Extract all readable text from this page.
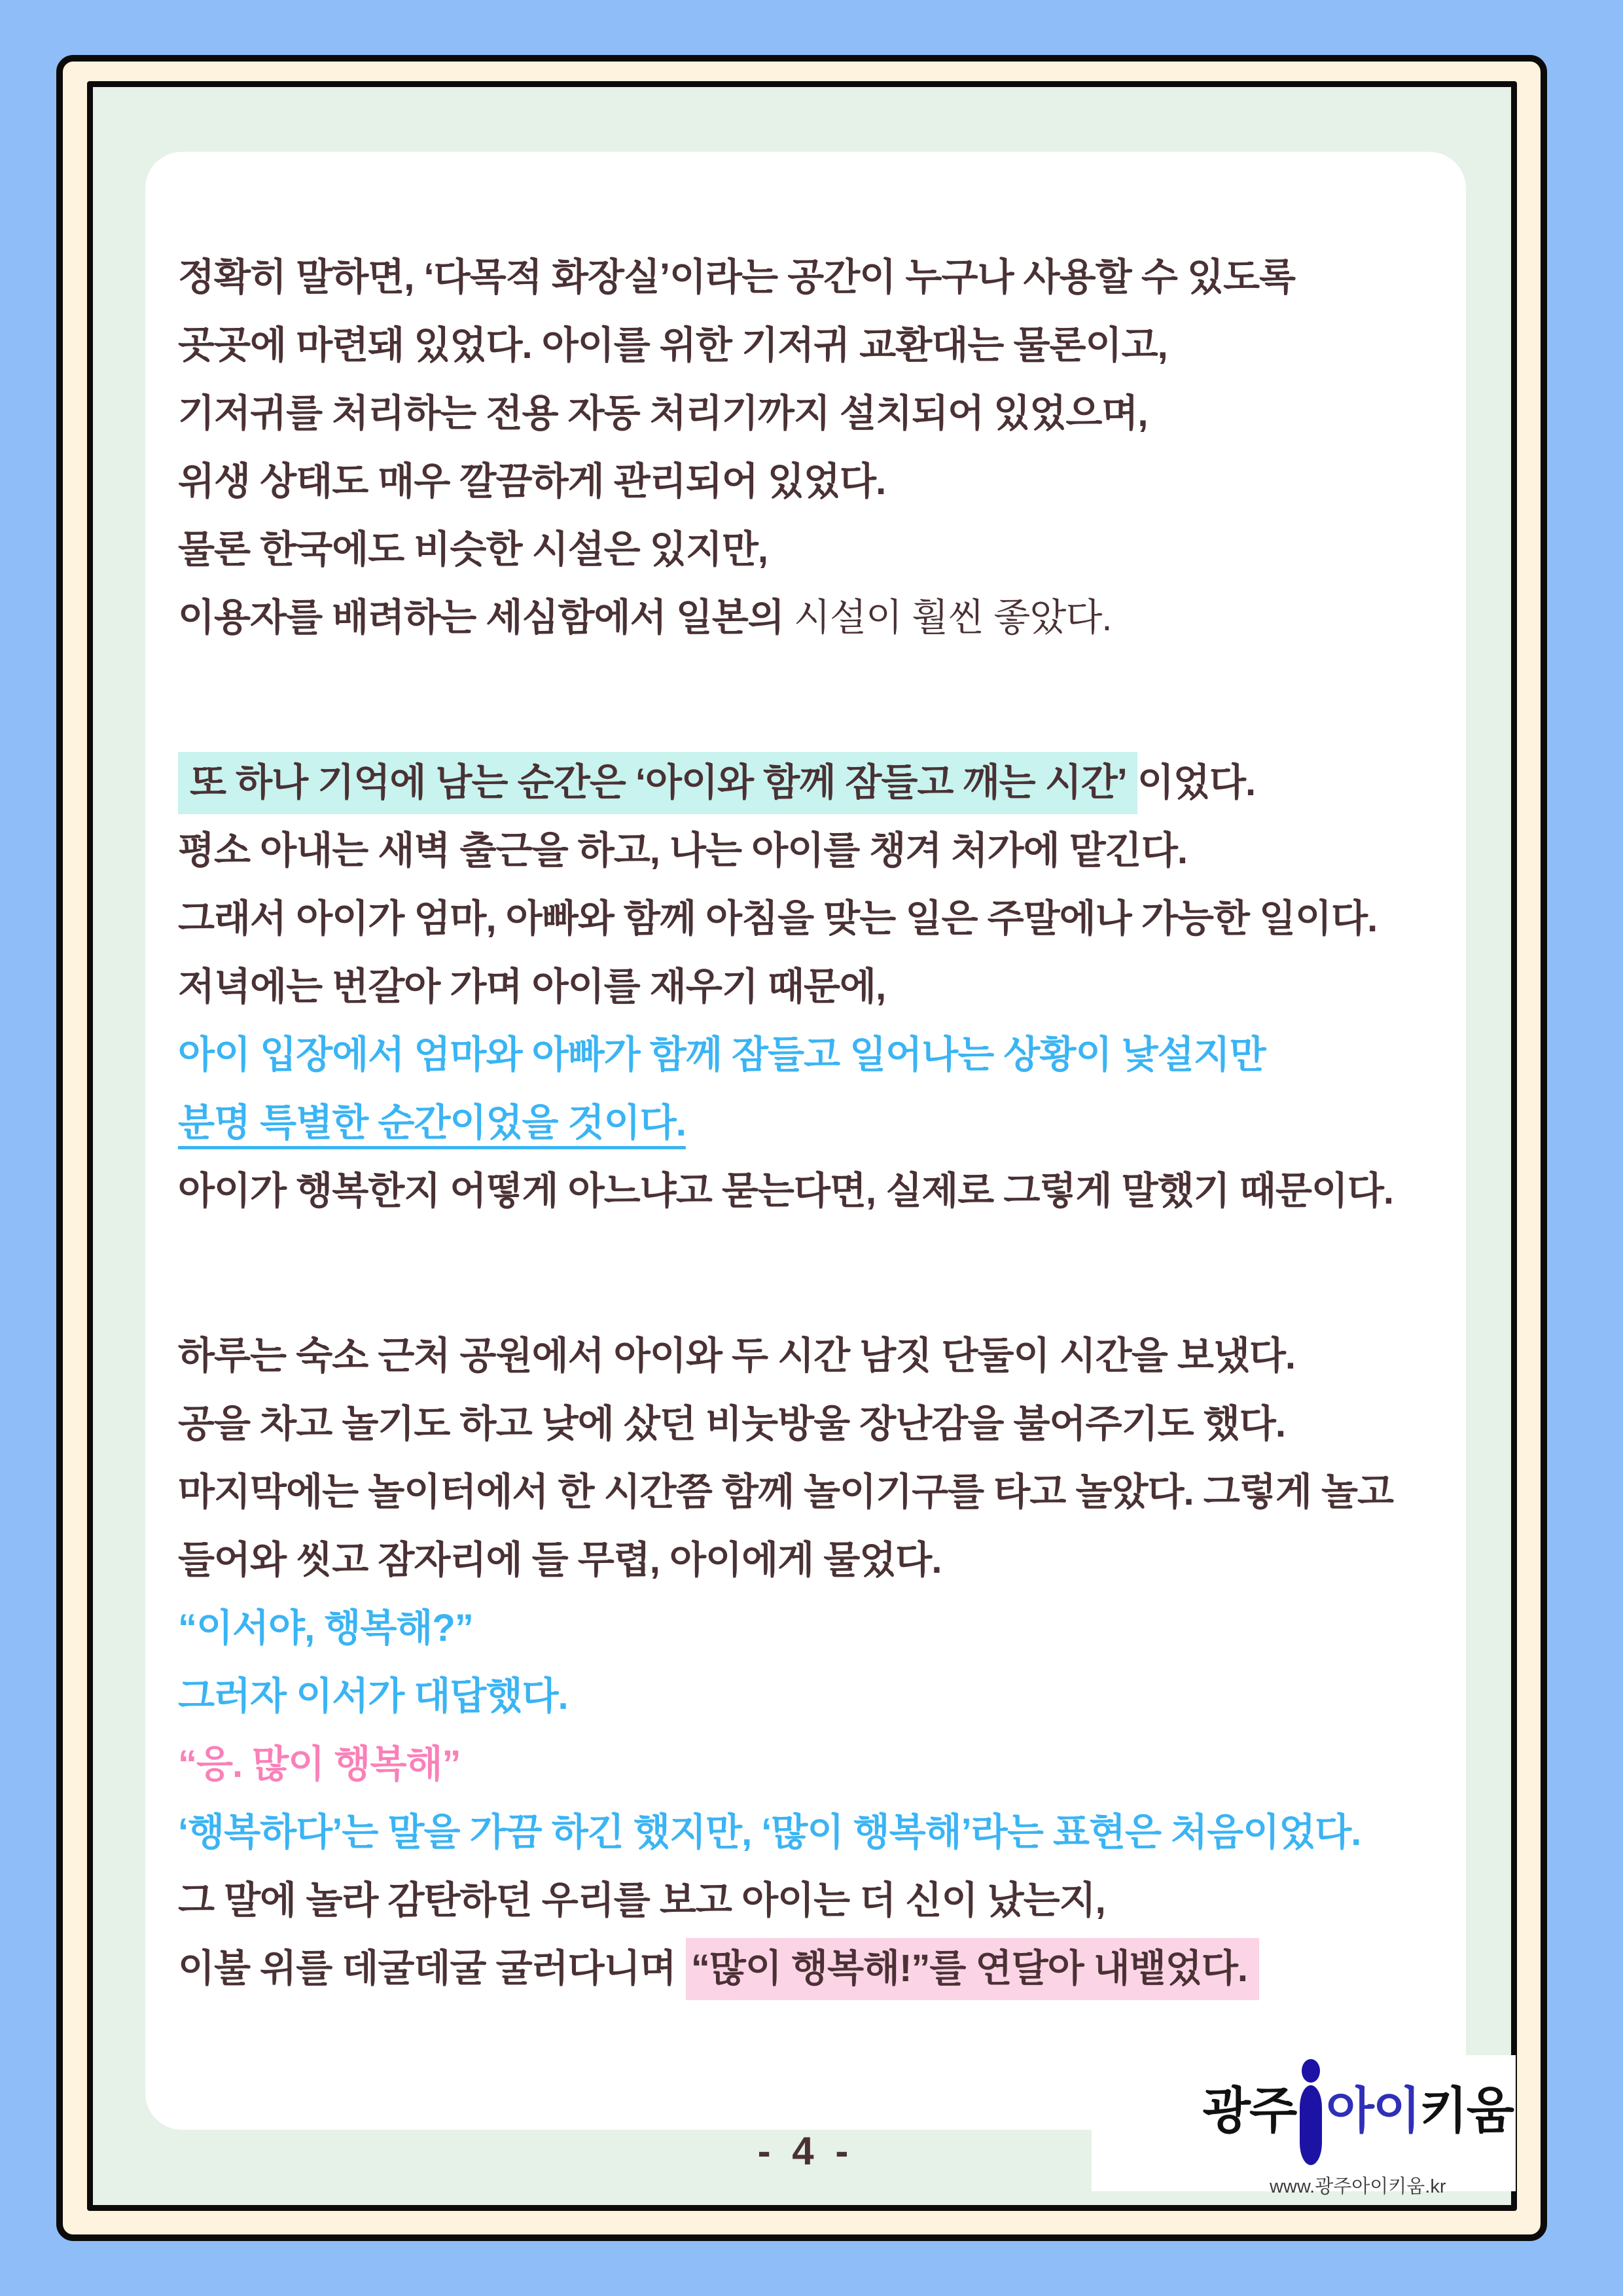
정확히 말하면, ‘다목적 화장실’이라는 공간이 누구나 사용할 수 있도록
곳곳에 마련돼 있었다. 아이를 위한 기저귀 교환대는 물론이고,
기저귀를 처리하는 전용 자동 처리기까지 설치되어 있었으며,
위생 상태도 매우 깔끔하게 관리되어 있었다.
물론 한국에도 비슷한 시설은 있지만,
이용자를 배려하는 세심함에서 일본의 시설이 훨씬 좋았다.

또 하나 기억에 남는 순간은 ‘아이와 함께 잠들고 깨는 시간’ 이었다.
평소 아내는 새벽 출근을 하고, 나는 아이를 챙겨 처가에 맡긴다.
그래서 아이가 엄마, 아빠와 함께 아침을 맞는 일은 주말에나 가능한 일이다.
저녁에는 번갈아 가며 아이를 재우기 때문에,
아이 입장에서 엄마와 아빠가 함께 잠들고 일어나는 상황이 낯설지만
분명 특별한 순간이었을 것이다.
아이가 행복한지 어떻게 아느냐고 묻는다면, 실제로 그렇게 말했기 때문이다.

하루는 숙소 근처 공원에서 아이와 두 시간 남짓 단둘이 시간을 보냈다.
공을 차고 놀기도 하고 낮에 샀던 비눗방울 장난감을 불어주기도 했다.
마지막에는 놀이터에서 한 시간쯤 함께 놀이기구를 타고 놀았다. 그렇게 놀고
들어와 씻고 잠자리에 들 무렵, 아이에게 물었다.
“이서야, 행복해?”
그러자 이서가 대답했다.
“응. 많이 행복해”
‘행복하다’는 말을 가끔 하긴 했지만, ‘많이 행복해’라는 표현은 처음이었다.
그 말에 놀라 감탄하던 우리를 보고 아이는 더 신이 났는지,
이불 위를 데굴데굴 굴러다니며 “많이 행복해!”를 연달아 내뱉었다.

- 4 -
광주 아이 키움
www.광주아이키움.kr
